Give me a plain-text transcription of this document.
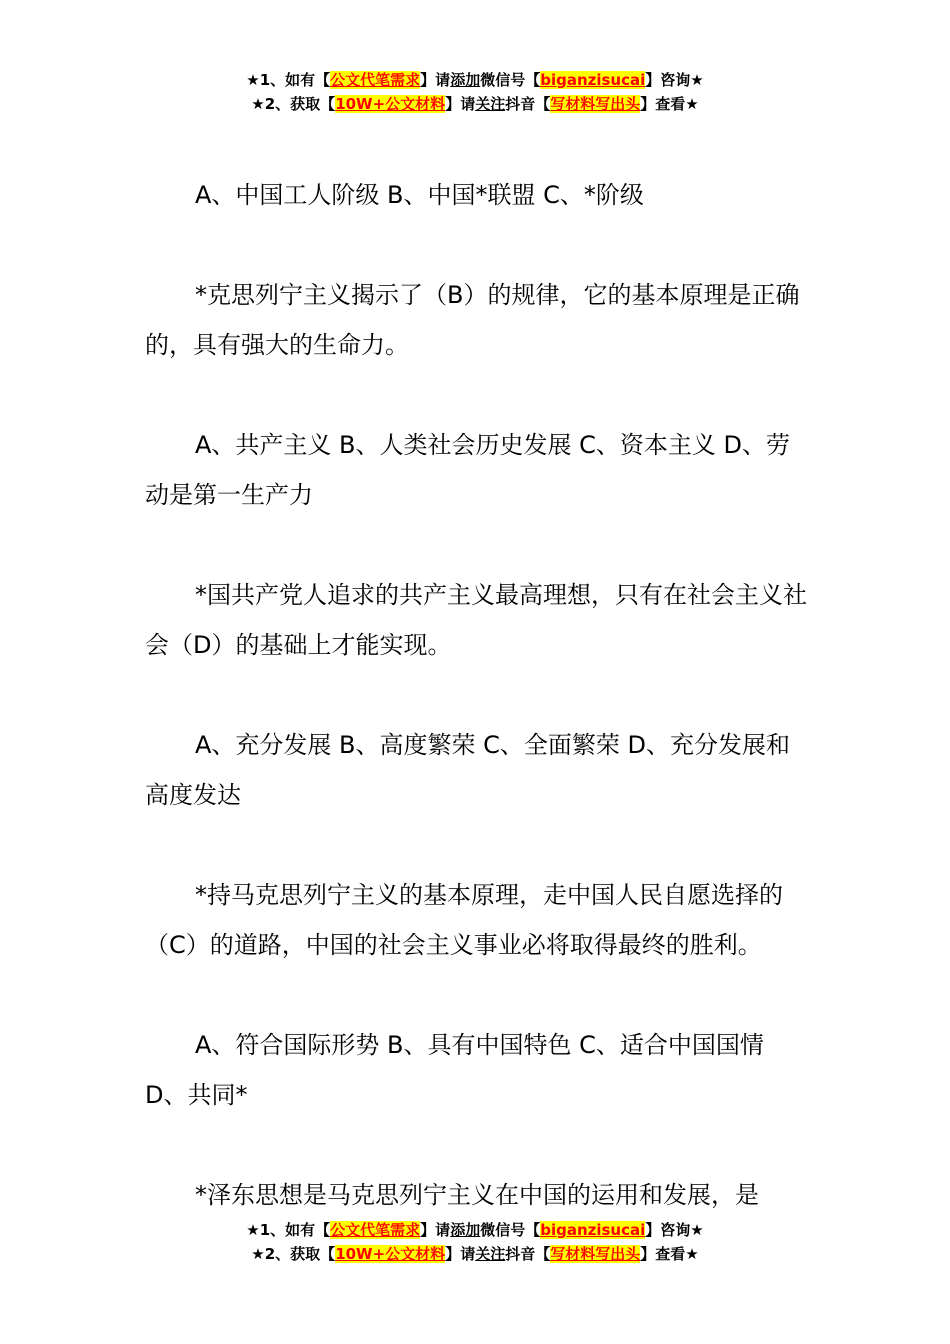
★1、如有【公文代笔需求】请添加微信号【biganzisucai】咨询★
★2、获取【10W+公文材料】请关注抖音【写材料写出头】查看★

A、中国工人阶级 B、中国*联盟 C、*阶级

*克思列宁主义揭示了（B）的规律，它的基本原理是正确的，具有强大的生命力。

A、共产主义 B、人类社会历史发展 C、资本主义 D、劳动是第一生产力

*国共产党人追求的共产主义最高理想，只有在社会主义社会（D）的基础上才能实现。

A、充分发展 B、高度繁荣 C、全面繁荣 D、充分发展和高度发达

*持马克思列宁主义的基本原理，走中国人民自愿选择的（C）的道路，中国的社会主义事业必将取得最终的胜利。

A、符合国际形势 B、具有中国特色 C、适合中国国情 D、共同*

*泽东思想是马克思列宁主义在中国的运用和发展，是

★1、如有【公文代笔需求】请添加微信号【biganzisucai】咨询★
★2、获取【10W+公文材料】请关注抖音【写材料写出头】查看★
